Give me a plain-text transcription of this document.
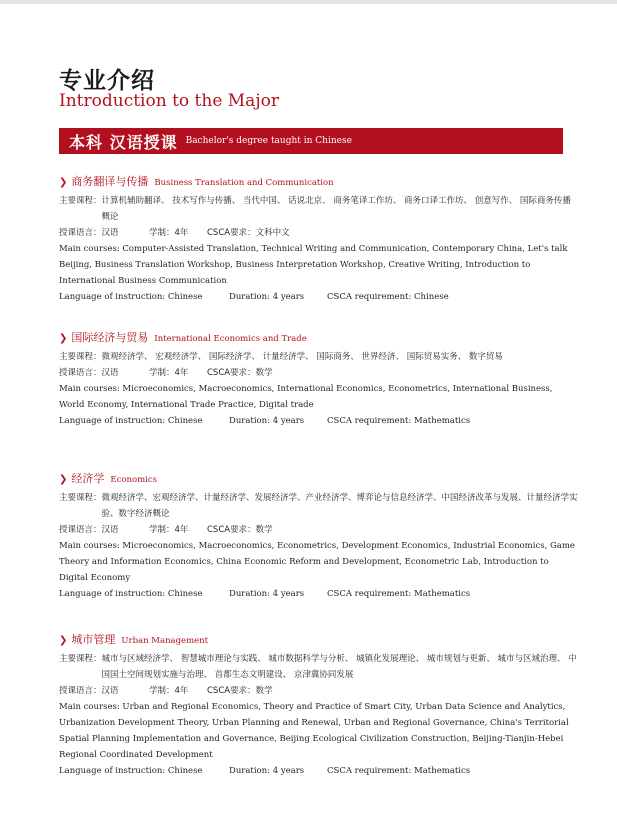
专业介绍
Introduction to the Major
本科 汉语授课 Bachelor's degree taught in Chinese
❯ 商务翻译与传播 Business Translation and Communication
主要课程： 计算机辅助翻译、 技术写作与传播、 当代中国、 话说北京、 商务笔译工作坊、 商务口译工作坊、 创意写作、 国际商务传播概论
授课语言：汉语	学制：4年 CSCA要求：文科中文
Main courses: Computer-Assisted Translation, Technical Writing and Communication, Contemporary China, Let's talk Beijing, Business Translation Workshop, Business Interpretation Workshop, Creative Writing, Introduction to International Business Communication
Language of instruction: Chinese	Duration: 4 years	CSCA requirement: Chinese
❯ 国际经济与贸易 International Economics and Trade
主要课程： 微观经济学、 宏观经济学、 国际经济学、 计量经济学、 国际商务、 世界经济、 国际贸易实务、 数字贸易
授课语言：汉语	学制：4年 CSCA要求：数学
Main courses: Microeconomics, Macroeconomics, International Economics, Econometrics, International Business, World Economy, International Trade Practice, Digital trade
Language of instruction: Chinese	Duration: 4 years	CSCA requirement: Mathematics
❯ 经济学 Economics
主要课程： 微观经济学、宏观经济学、计量经济学、发展经济学、产业经济学、博弈论与信息经济学、中国经济改革与发展、计量经济学实验、数字经济概论
授课语言：汉语	学制：4年 CSCA要求：数学
Main courses: Microeconomics, Macroeconomics, Econometrics, Development Economics, Industrial Economics, Game Theory and Information Economics, China Economic Reform and Development, Econometric Lab, Introduction to Digital Economy
Language of instruction: Chinese	Duration: 4 years	CSCA requirement: Mathematics
❯ 城市管理 Urban Management
主要课程： 城市与区域经济学、 智慧城市理论与实践、 城市数据科学与分析、 城镇化发展理论、 城市规划与更新、 城市与区域治理、 中国国土空间规划实施与治理、 首都生态文明建设、 京津冀协同发展
授课语言：汉语	学制：4年 CSCA要求：数学
Main courses: Urban and Regional Economics, Theory and Practice of Smart City, Urban Data Science and Analytics, Urbanization Development Theory, Urban Planning and Renewal, Urban and Regional Governance, China's Territorial Spatial Planning Implementation and Governance, Beijing Ecological Civilization Construction, Beijing-Tianjin-Hebei Regional Coordinated Development
Language of instruction: Chinese	Duration: 4 years	CSCA requirement: Mathematics
